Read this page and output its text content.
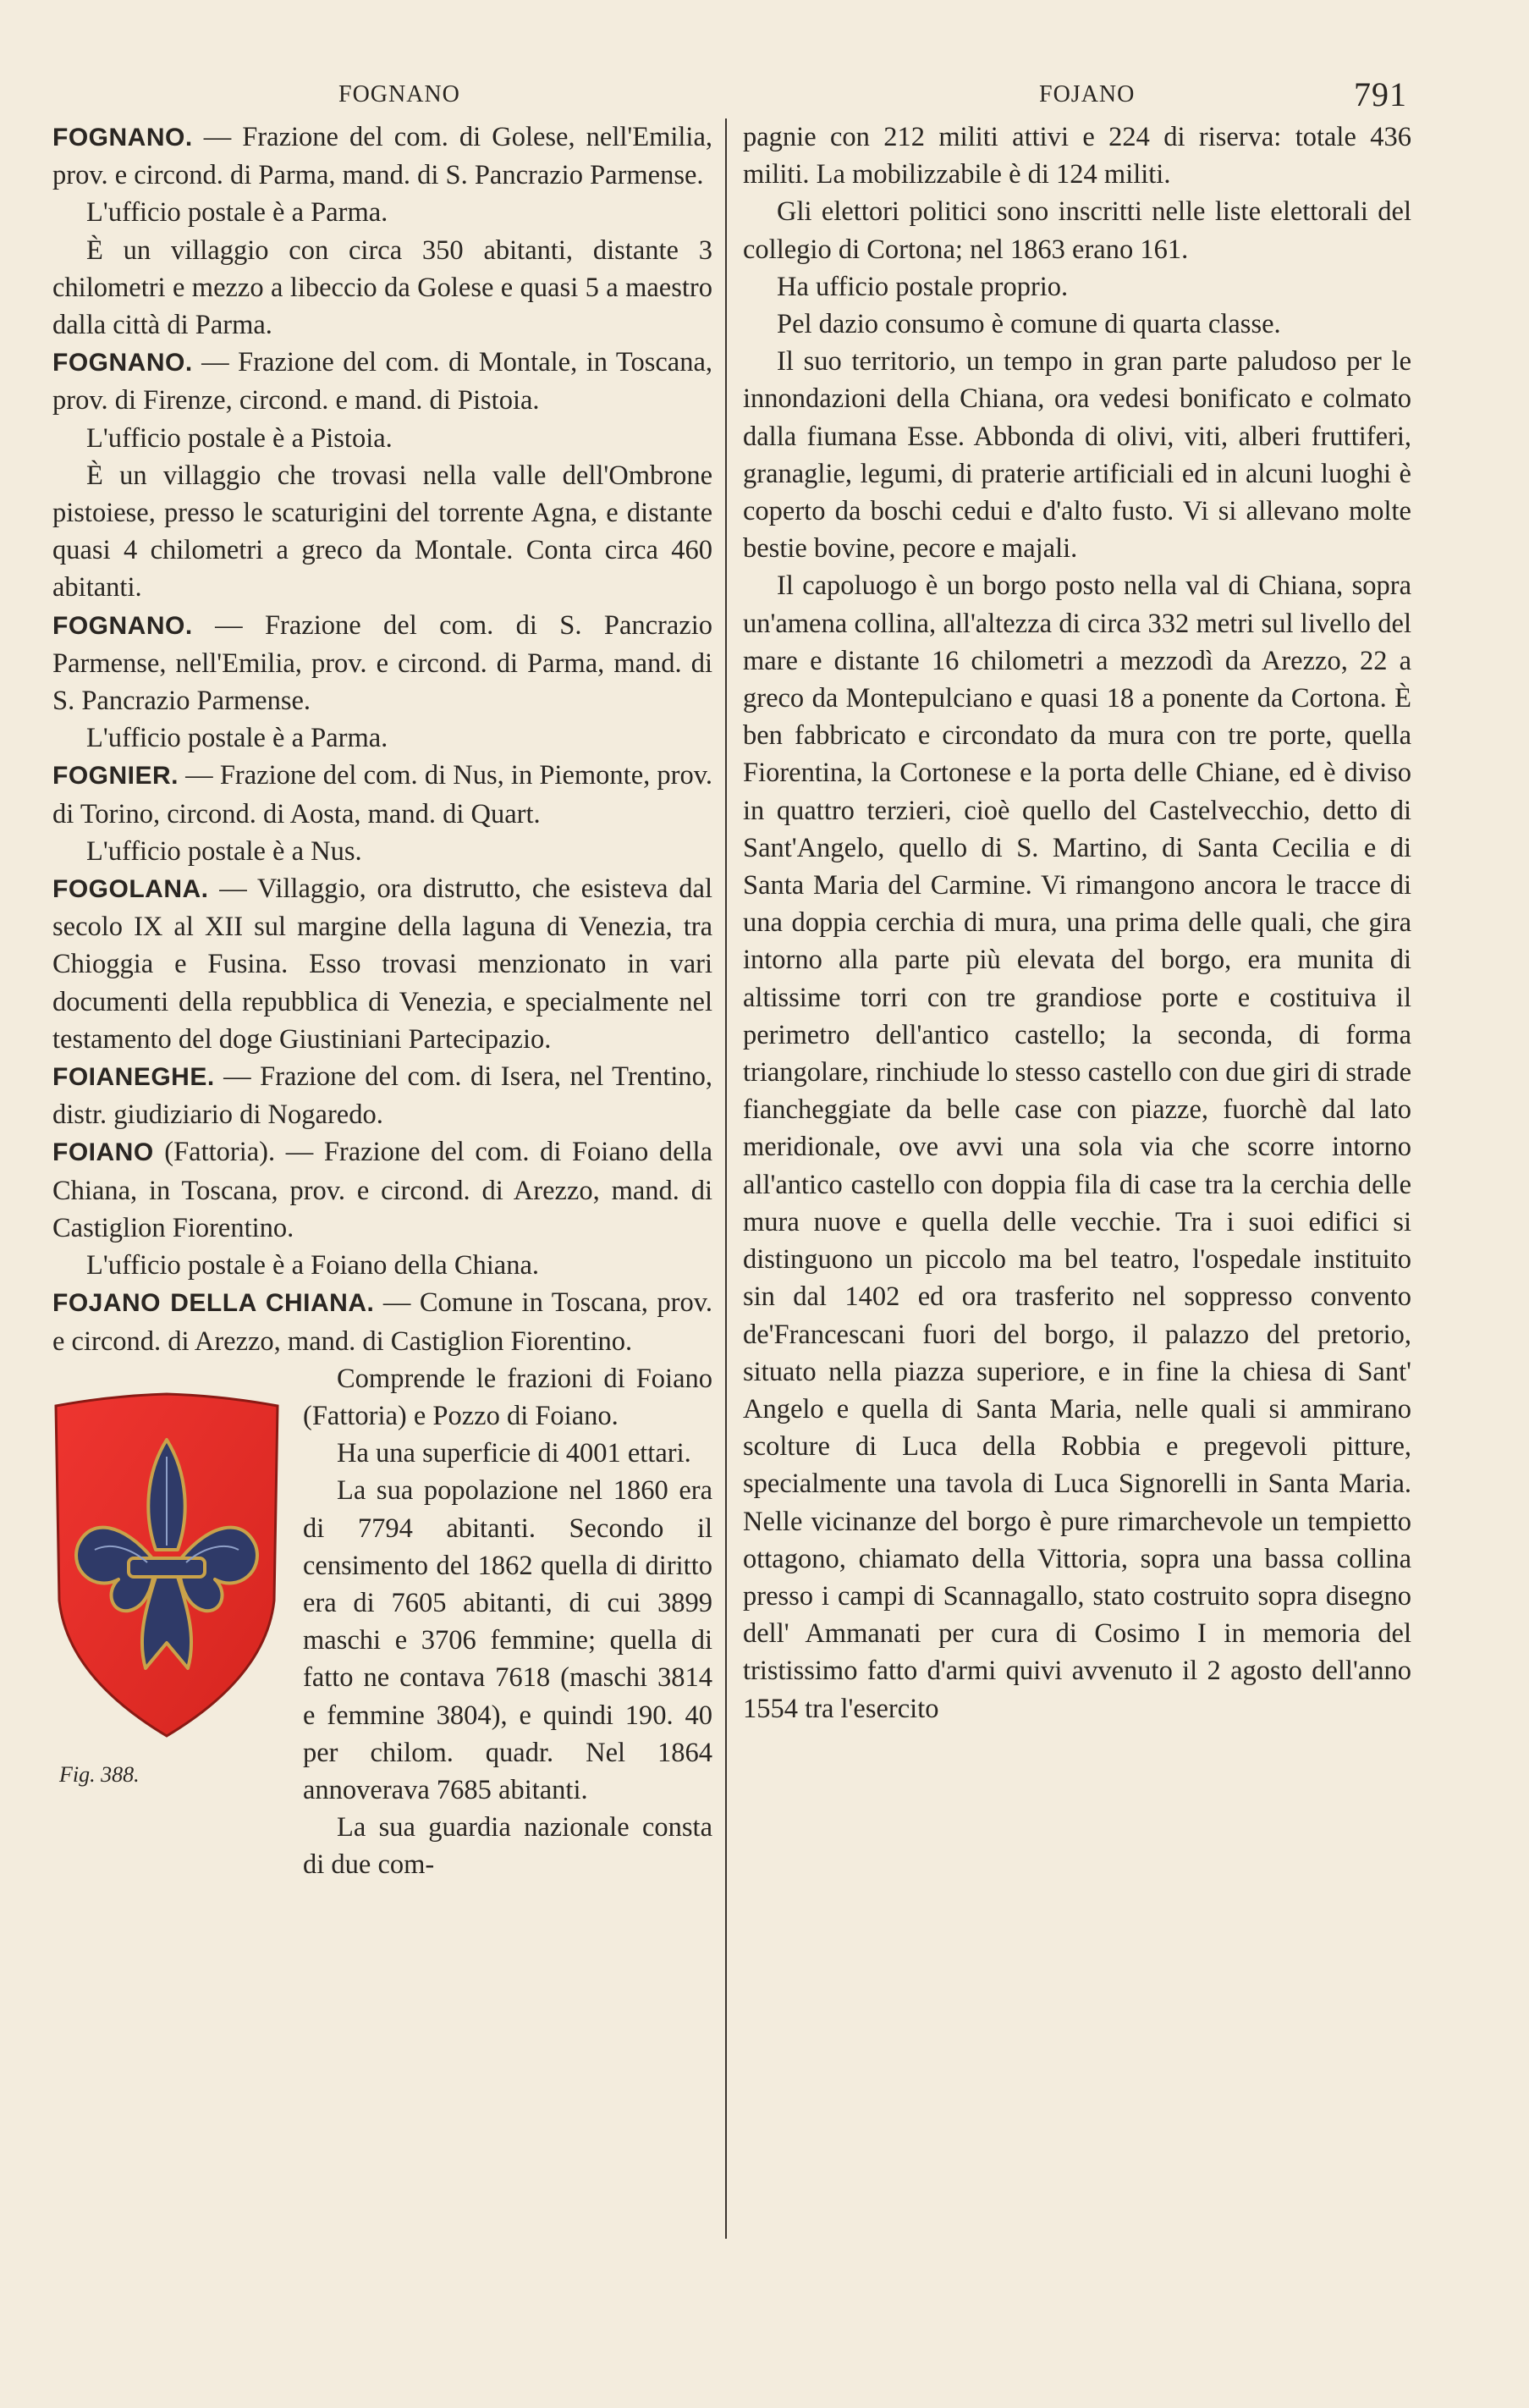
FOGNANO	FOJANO	791

FOGNANO. — Frazione del com. di Golese, nell'Emilia, prov. e circond. di Parma, mand. di S. Pancrazio Parmense.

L'ufficio postale è a Parma.

È un villaggio con circa 350 abitanti, distante 3 chilometri e mezzo a libeccio da Golese e quasi 5 a maestro dalla città di Parma.

FOGNANO. — Frazione del com. di Montale, in Toscana, prov. di Firenze, circond. e mand. di Pistoia.

L'ufficio postale è a Pistoia.

È un villaggio che trovasi nella valle dell'Ombrone pistoiese, presso le scaturigini del torrente Agna, e distante quasi 4 chilometri a greco da Montale. Conta circa 460 abitanti.

FOGNANO. — Frazione del com. di S. Pancrazio Parmense, nell'Emilia, prov. e circond. di Parma, mand. di S. Pancrazio Parmense.

L'ufficio postale è a Parma.

FOGNIER. — Frazione del com. di Nus, in Piemonte, prov. di Torino, circond. di Aosta, mand. di Quart.

L'ufficio postale è a Nus.

FOGOLANA. — Villaggio, ora distrutto, che esisteva dal secolo IX al XII sul margine della laguna di Venezia, tra Chioggia e Fusina. Esso trovasi menzionato in vari documenti della repubblica di Venezia, e specialmente nel testamento del doge Giustiniani Partecipazio.

FOIANEGHE. — Frazione del com. di Isera, nel Trentino, distr. giudiziario di Nogaredo.

FOIANO (Fattoria). — Frazione del com. di Foiano della Chiana, in Toscana, prov. e circond. di Arezzo, mand. di Castiglion Fiorentino.

L'ufficio postale è a Foiano della Chiana.

FOJANO DELLA CHIANA. — Comune in Toscana, prov. e circond. di Arezzo, mand. di Castiglion Fiorentino.

Fig. 388.

Comprende le frazioni di Foiano (Fattoria) e Pozzo di Foiano.

Ha una superficie di 4001 ettari.

La sua popolazione nel 1860 era di 7794 abitanti. Secondo il censimento del 1862 quella di diritto era di 7605 abitanti, di cui 3899 maschi e 3706 femmine; quella di fatto ne contava 7618 (maschi 3814 e femmine 3804), e quindi 190. 40 per chilom. quadr. Nel 1864 annoverava 7685 abitanti.

La sua guardia nazionale consta di due com-

pagnie con 212 militi attivi e 224 di riserva: totale 436 militi. La mobilizzabile è di 124 militi.

Gli elettori politici sono inscritti nelle liste elettorali del collegio di Cortona; nel 1863 erano 161.

Ha ufficio postale proprio.

Pel dazio consumo è comune di quarta classe.

Il suo territorio, un tempo in gran parte paludoso per le innondazioni della Chiana, ora vedesi bonificato e colmato dalla fiumana Esse. Abbonda di olivi, viti, alberi fruttiferi, granaglie, legumi, di praterie artificiali ed in alcuni luoghi è coperto da boschi cedui e d'alto fusto. Vi si allevano molte bestie bovine, pecore e majali.

Il capoluogo è un borgo posto nella val di Chiana, sopra un'amena collina, all'altezza di circa 332 metri sul livello del mare e distante 16 chilometri a mezzodì da Arezzo, 22 a greco da Montepulciano e quasi 18 a ponente da Cortona. È ben fabbricato e circondato da mura con tre porte, quella Fiorentina, la Cortonese e la porta delle Chiane, ed è diviso in quattro terzieri, cioè quello del Castelvecchio, detto di Sant'Angelo, quello di S. Martino, di Santa Cecilia e di Santa Maria del Carmine. Vi rimangono ancora le tracce di una doppia cerchia di mura, una prima delle quali, che gira intorno alla parte più elevata del borgo, era munita di altissime torri con tre grandiose porte e costituiva il perimetro dell'antico castello; la seconda, di forma triangolare, rinchiude lo stesso castello con due giri di strade fiancheggiate da belle case con piazze, fuorchè dal lato meridionale, ove avvi una sola via che scorre intorno all'antico castello con doppia fila di case tra la cerchia delle mura nuove e quella delle vecchie. Tra i suoi edifici si distinguono un piccolo ma bel teatro, l'ospedale instituito sin dal 1402 ed ora trasferito nel soppresso convento de'Francescani fuori del borgo, il palazzo del pretorio, situato nella piazza superiore, e in fine la chiesa di Sant' Angelo e quella di Santa Maria, nelle quali si ammirano scolture di Luca della Robbia e pregevoli pitture, specialmente una tavola di Luca Signorelli in Santa Maria. Nelle vicinanze del borgo è pure rimarchevole un tempietto ottagono, chiamato della Vittoria, sopra una bassa collina presso i campi di Scannagallo, stato costruito sopra disegno dell' Ammanati per cura di Cosimo I in memoria del tristissimo fatto d'armi quivi avvenuto il 2 agosto dell'anno 1554 tra l'esercito
